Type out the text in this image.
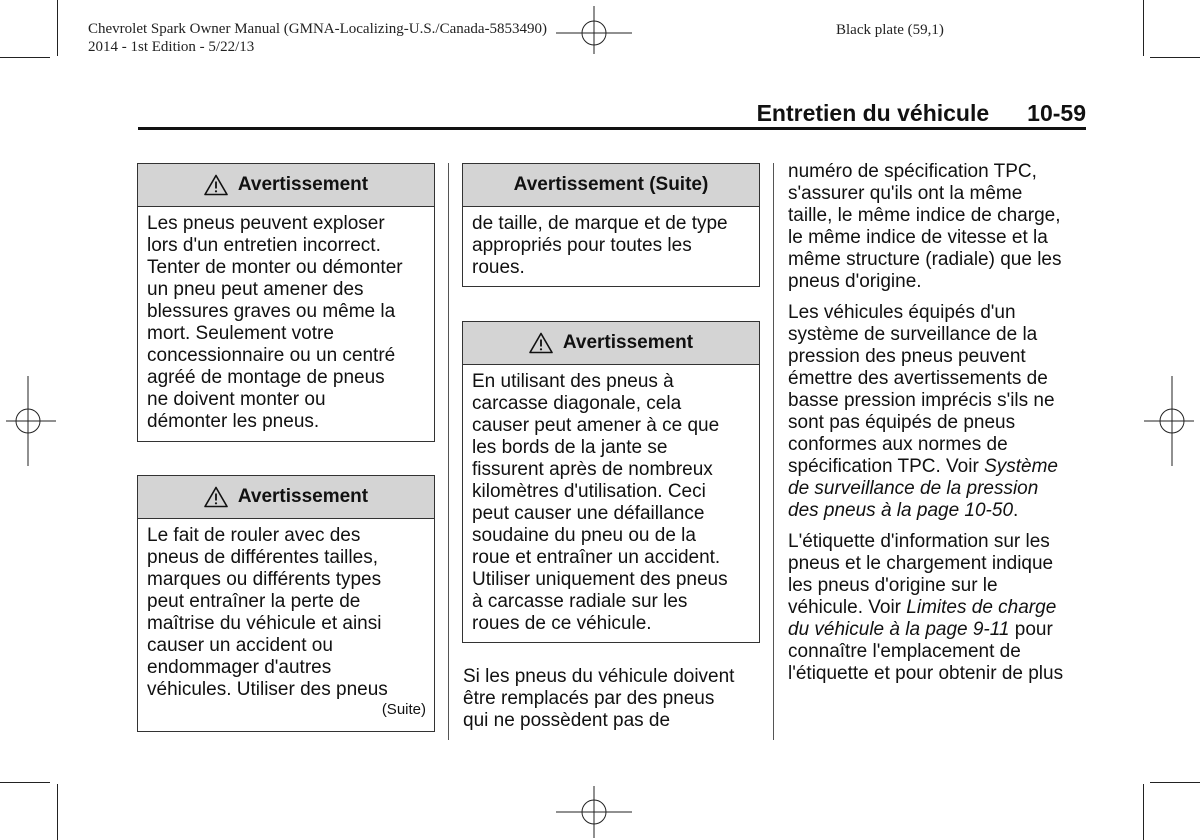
Chevrolet Spark Owner Manual (GMNA-Localizing-U.S./Canada-5853490)
2014 - 1st Edition - 5/22/13
Black plate (59,1)
Entretien du véhicule 10-59
Avertissement
Les pneus peuvent exploser
lors d'un entretien incorrect.
Tenter de monter ou démonter
un pneu peut amener des
blessures graves ou même la
mort. Seulement votre
concessionnaire ou un centré
agréé de montage de pneus
ne doivent monter ou
démonter les pneus.
Avertissement
Le fait de rouler avec des
pneus de différentes tailles,
marques ou différents types
peut entraîner la perte de
maîtrise du véhicule et ainsi
causer un accident ou
endommager d'autres
véhicules. Utiliser des pneus
(Suite)
Avertissement (Suite)
de taille, de marque et de type
appropriés pour toutes les
roues.
Avertissement
En utilisant des pneus à
carcasse diagonale, cela
causer peut amener à ce que
les bords de la jante se
fissurent après de nombreux
kilomètres d'utilisation. Ceci
peut causer une défaillance
soudaine du pneu ou de la
roue et entraîner un accident.
Utiliser uniquement des pneus
à carcasse radiale sur les
roues de ce véhicule.
Si les pneus du véhicule doivent
être remplacés par des pneus
qui ne possèdent pas de
numéro de spécification TPC,
s'assurer qu'ils ont la même
taille, le même indice de charge,
le même indice de vitesse et la
même structure (radiale) que les
pneus d'origine.
Les véhicules équipés d'un
système de surveillance de la
pression des pneus peuvent
émettre des avertissements de
basse pression imprécis s'ils ne
sont pas équipés de pneus
conformes aux normes de
spécification TPC. Voir Système
de surveillance de la pression
des pneus à la page 10-50.
L'étiquette d'information sur les
pneus et le chargement indique
les pneus d'origine sur le
véhicule. Voir Limites de charge
du véhicule à la page 9-11 pour
connaître l'emplacement de
l'étiquette et pour obtenir de plus
